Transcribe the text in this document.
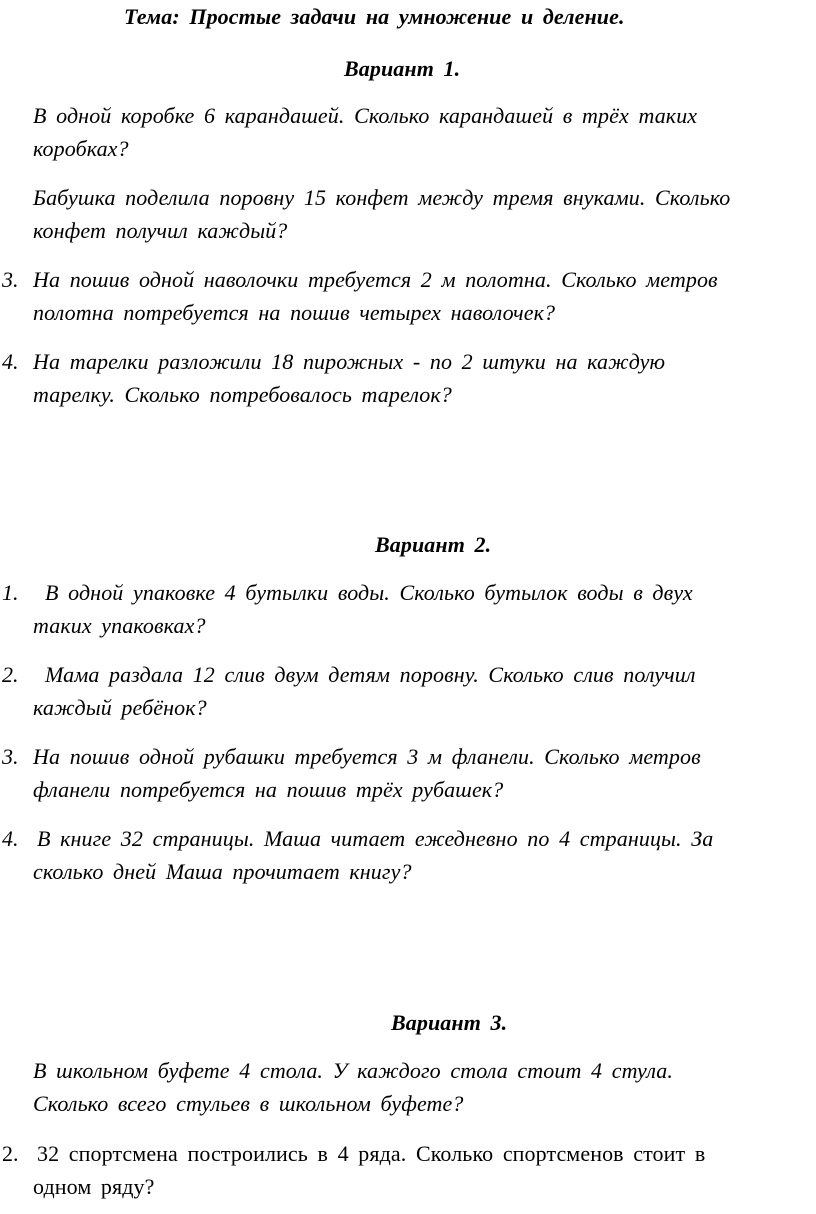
Тема: Простые задачи на умножение и деление.
Вариант 1.
В одной коробке 6 карандашей. Сколько карандашей в трёх таких
коробках?
Бабушка поделила поровну 15 конфет между тремя внуками. Сколько
конфет получил каждый?
3. На пошив одной наволочки требуется 2 м полотна. Сколько метров
полотна потребуется на пошив четырех наволочек?
4. На тарелки разложили 18 пирожных - по 2 штуки на каждую
тарелку. Сколько потребовалось тарелок?
Вариант 2.
1. В одной упаковке 4 бутылки воды. Сколько бутылок воды в двух
таких упаковках?
2. Мама раздала 12 слив двум детям поровну. Сколько слив получил
каждый ребёнок?
3. На пошив одной рубашки требуется 3 м фланели. Сколько метров
фланели потребуется на пошив трёх рубашек?
4. В книге 32 страницы. Маша читает ежедневно по 4 страницы. За
сколько дней Маша прочитает книгу?
Вариант 3.
В школьном буфете 4 стола. У каждого стола стоит 4 стула.
Сколько всего стульев в школьном буфете?
2. 32 спортсмена построились в 4 ряда. Сколько спортсменов стоит в
одном ряду?
